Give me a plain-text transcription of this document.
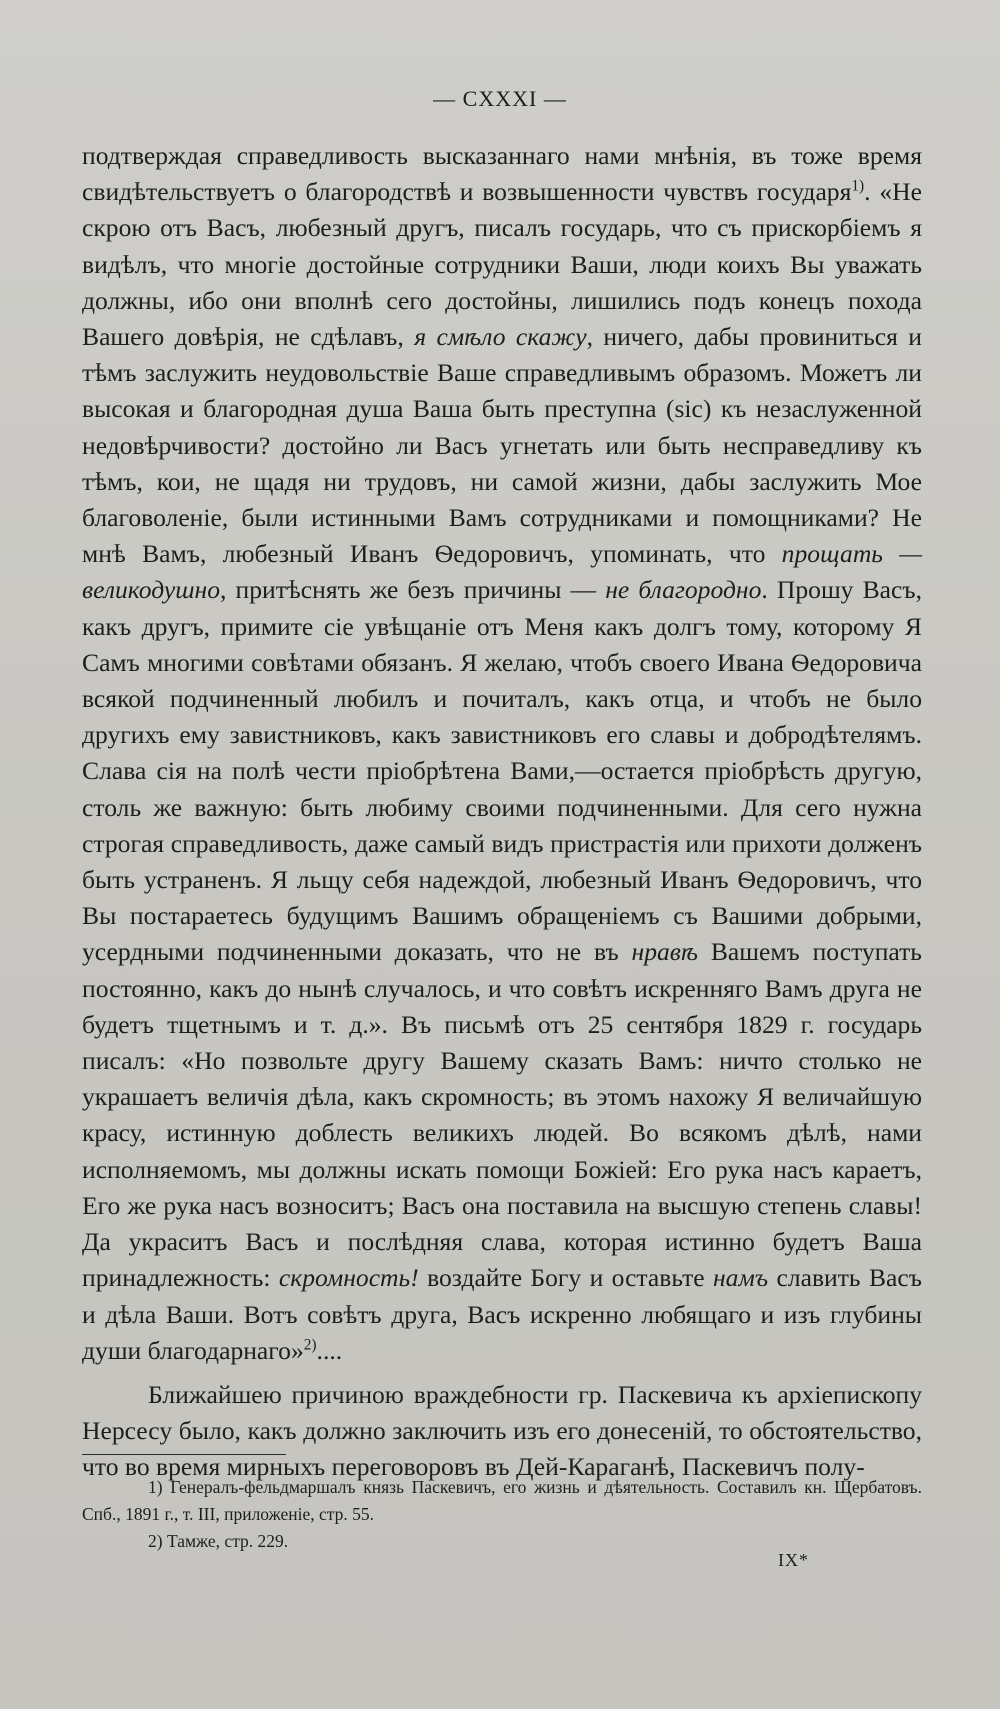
— CXXXI —

подтверждая справедливость высказаннаго нами мнѣнія, въ тоже время свидѣтельствуетъ о благородствѣ и возвышенности чувствъ государя$^{1)}$. «Не скрою отъ Васъ, любезный другъ, писалъ государь, что съ прискорбіемъ я видѣлъ, что многіе достойные сотрудники Ваши, люди коихъ Вы уважать должны, ибо они вполнѣ сего достойны, лишились подъ конецъ похода Вашего довѣрія, не сдѣлавъ, я смѣло скажу, ничего, дабы провиниться и тѣмъ заслужить неудовольствіе Ваше справедливымъ образомъ. Можетъ ли высокая и благородная душа Ваша быть преступна (sic) къ незаслуженной недовѣрчивости? достойно ли Васъ угнетать или быть несправедливу къ тѣмъ, кои, не щадя ни трудовъ, ни самой жизни, дабы заслужить Мое благоволеніе, были истинными Вамъ сотрудниками и помощниками? Не мнѣ Вамъ, любезный Иванъ Ѳедоровичъ, упоминать, что прощать — великодушно, притѣснять же безъ причины — не благородно. Прошу Васъ, какъ другъ, примите сіе увѣщаніе отъ Меня какъ долгъ тому, которому Я Самъ многими совѣтами обязанъ. Я желаю, чтобъ своего Ивана Ѳедоровича всякой подчиненный любилъ и почиталъ, какъ отца, и чтобъ не было другихъ ему завистниковъ, какъ завистниковъ его славы и добродѣтелямъ. Слава сія на полѣ чести пріобрѣтена Вами,—остается пріобрѣсть другую, столь же важную: быть любиму своими подчиненными. Для сего нужна строгая справедливость, даже самый видъ пристрастія или прихоти долженъ быть устраненъ. Я льщу себя надеждой, любезный Иванъ Ѳедоровичъ, что Вы постараетесь будущимъ Вашимъ обращеніемъ съ Вашими добрыми, усердными подчиненными доказать, что не въ нравѣ Вашемъ поступать постоянно, какъ до нынѣ случалось, и что совѣтъ искренняго Вамъ друга не будетъ тщетнымъ и т. д.». Въ письмѣ отъ 25 сентября 1829 г. государь писалъ: «Но позвольте другу Вашему сказать Вамъ: ничто столько не украшаетъ величія дѣла, какъ скромность; въ этомъ нахожу Я величайшую красу, истинную доблесть великихъ людей. Во всякомъ дѣлѣ, нами исполняемомъ, мы должны искать помощи Божіей: Его рука насъ караетъ, Его же рука насъ возноситъ; Васъ она поставила на высшую степень славы! Да украситъ Васъ и послѣдняя слава, которая истинно будетъ Ваша принадлежность: скромность! воздайте Богу и оставьте намъ славить Васъ и дѣла Ваши. Вотъ совѣтъ друга, Васъ искренно любящаго и изъ глубины души благодарнаго»$^{2)}$....

Ближайшею причиною враждебности гр. Паскевича къ архіепископу Нерсесу было, какъ должно заключить изъ его донесеній, то обстоятельство, что во время мирныхъ переговоровъ въ Дей-Караганѣ, Паскевичъ полу-

1) Генералъ-фельдмаршалъ князь Паскевичъ, его жизнь и дѣятельность. Составилъ кн. Щербатовъ. Спб., 1891 г., т. III, приложеніе, стр. 55.

2) Тамже, стр. 229.

IX*
